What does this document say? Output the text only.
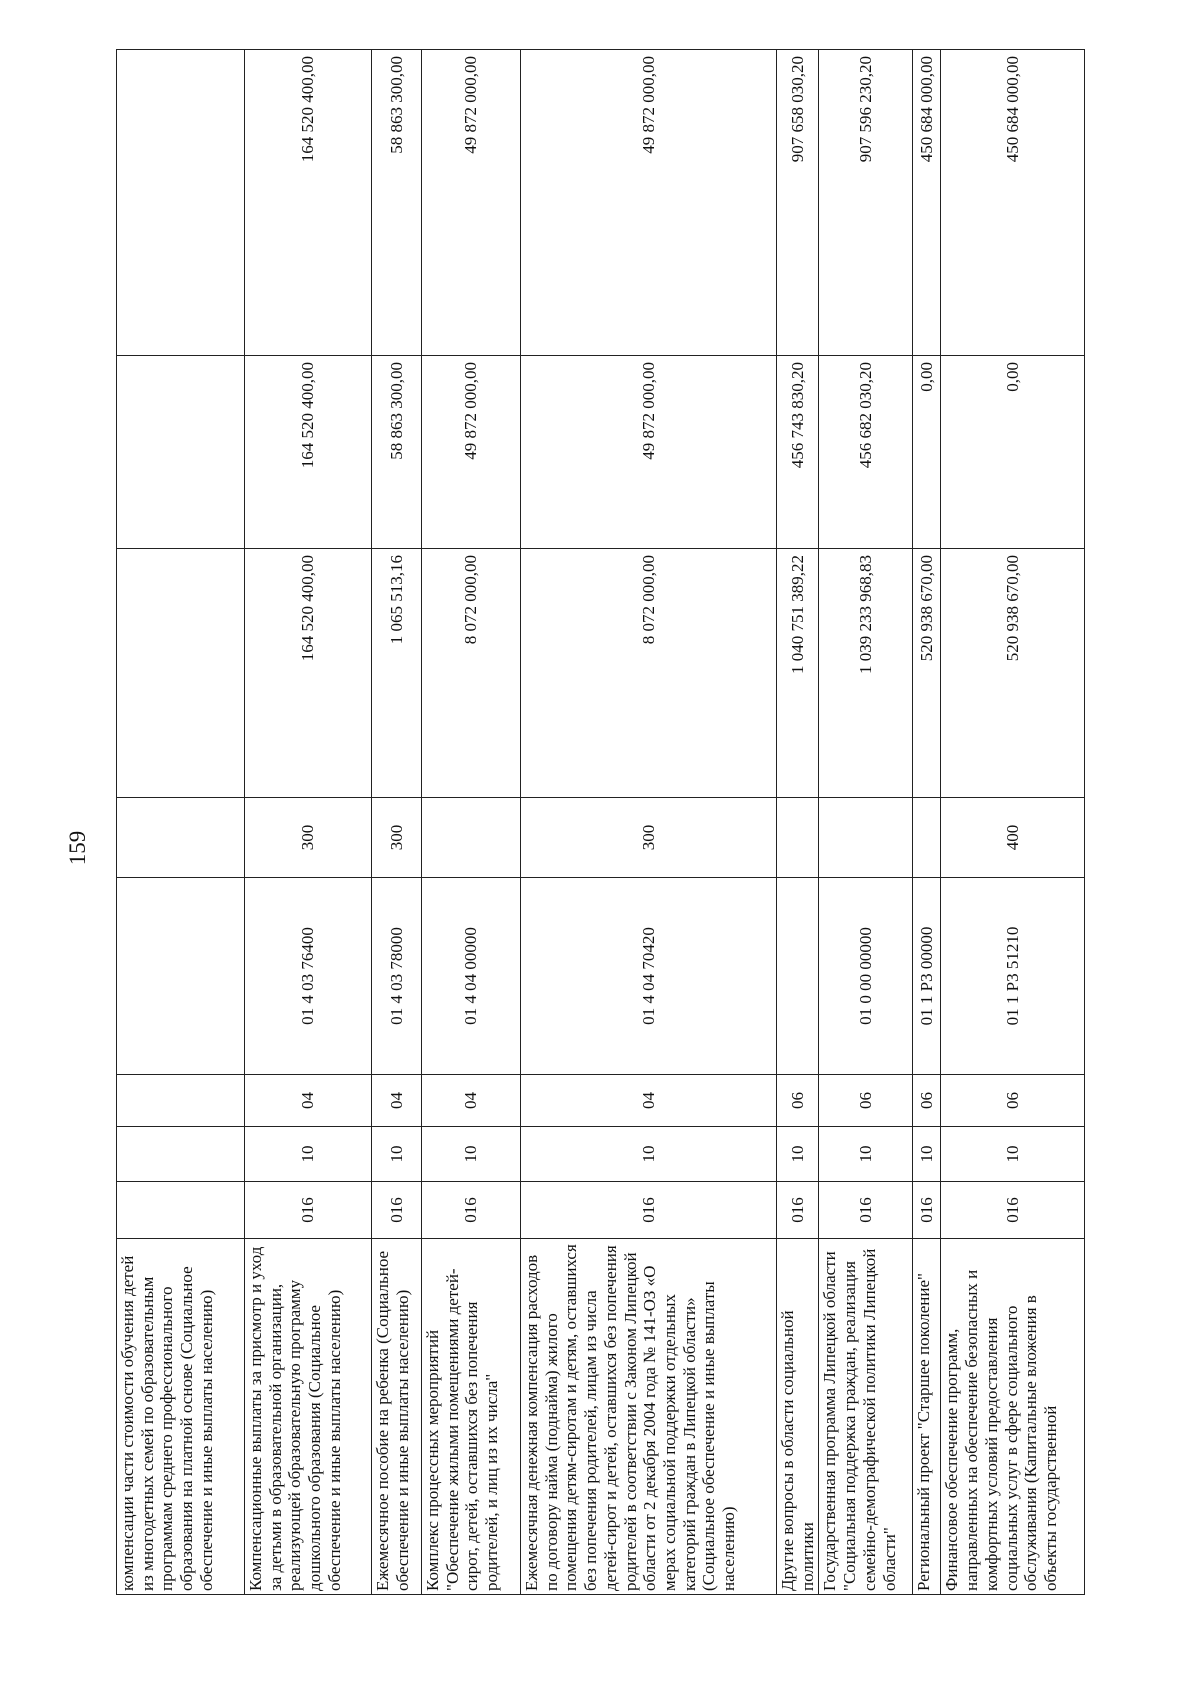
159
компенсации части стоимости обучения детей из многодетных семей по образовательным программам среднего профессионального образования на платной основе (Социальное обеспечение и иные выплаты населению)								
Компенсационные выплаты за присмотр и уход за детьми в образовательной организации, реализующей образовательную программу дошкольного образования (Социальное обеспечение и иные выплаты населению)	016	10	04	01 4 03 76400	300	164 520 400,00	164 520 400,00	164 520 400,00
Ежемесячное пособие на ребенка (Социальное обеспечение и иные выплаты населению)	016	10	04	01 4 03 78000	300	1 065 513,16	58 863 300,00	58 863 300,00
Комплекс процессных мероприятий "Обеспечение жилыми помещениями детей-сирот, детей, оставшихся без попечения родителей, и лиц из их числа"	016	10	04	01 4 04 00000		8 072 000,00	49 872 000,00	49 872 000,00
Ежемесячная денежная компенсация расходов по договору найма (поднайма) жилого помещения детям-сиротам и детям, оставшихся без попечения родителей, лицам из числа детей-сирот и детей, оставшихся без попечения родителей в соответствии с Законом Липецкой области от 2 декабря 2004 года № 141-ОЗ «О мерах социальной поддержки отдельных категорий граждан в Липецкой области» (Социальное обеспечение и иные выплаты населению)	016	10	04	01 4 04 70420	300	8 072 000,00	49 872 000,00	49 872 000,00
Другие вопросы в области социальной политики	016	10	06			1 040 751 389,22	456 743 830,20	907 658 030,20
Государственная программа Липецкой области "Социальная поддержка граждан, реализация семейно-демографической политики Липецкой области"	016	10	06	01 0 00 00000		1 039 233 968,83	456 682 030,20	907 596 230,20
Региональный проект "Старшее поколение"	016	10	06	01 1 P3 00000		520 938 670,00	0,00	450 684 000,00
Финансовое обеспечение программ, направленных на обеспечение безопасных и комфортных условий предоставления социальных услуг в сфере социального обслуживания (Капитальные вложения в объекты государственной	016	10	06	01 1 P3 51210	400	520 938 670,00	0,00	450 684 000,00
